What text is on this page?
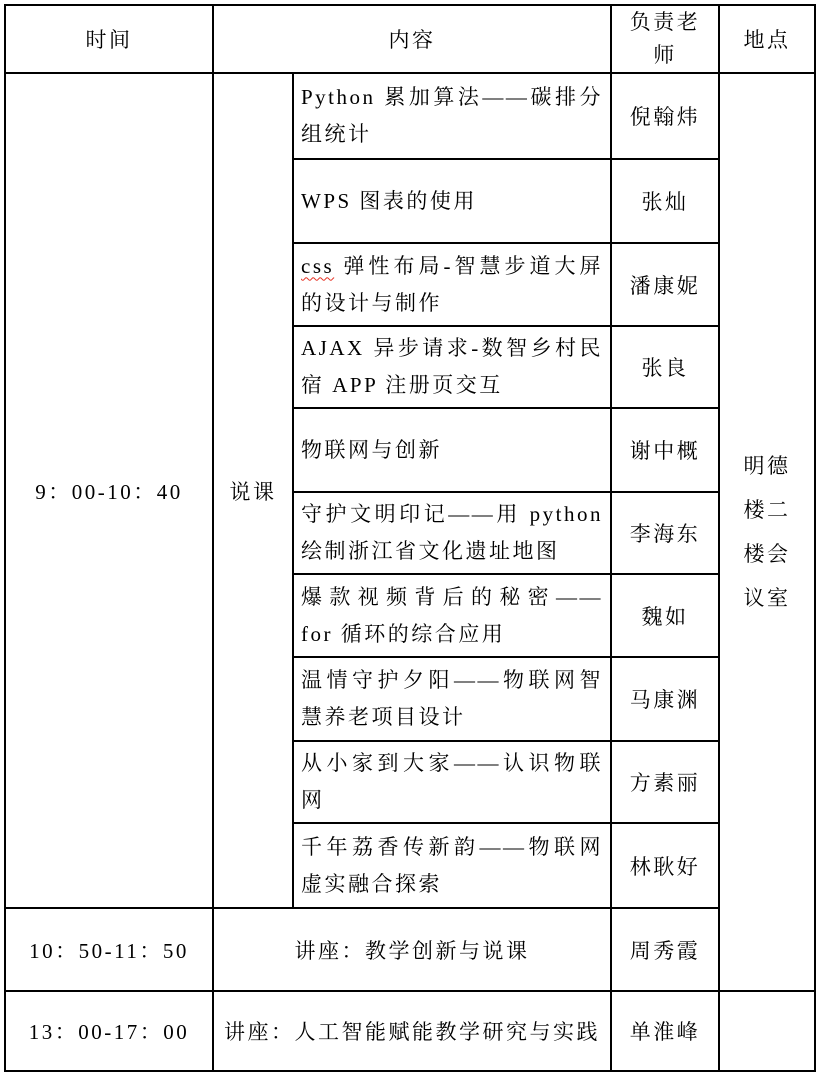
时间	内容		负责老师	地点
9：00-10：40	说课	Python 累加算法——碳排分
组统计	倪翰炜	明德楼二楼会议室

		WPS 图表的使用	张灿	

		css 弹性布局-智慧步道大屏
的设计与制作	潘康妮	

		AJAX 异步请求-数智乡村民
宿 APP 注册页交互	张良	

		物联网与创新	谢中概	

		守护文明印记——用 python
绘制浙江省文化遗址地图	李海东	

		爆款视频背后的秘密——
for 循环的综合应用	魏如	

		温情守护夕阳——物联网智
慧养老项目设计	马康渊	

		从小家到大家——认识物联
网	方素丽	

		千年荔香传新韵——物联网
虚实融合探索	林耿好	
10：50-11：50	讲座：教学创新与说课		周秀霞	
13：00-17：00	讲座：人工智能赋能教学研究与实践		单淮峰	
